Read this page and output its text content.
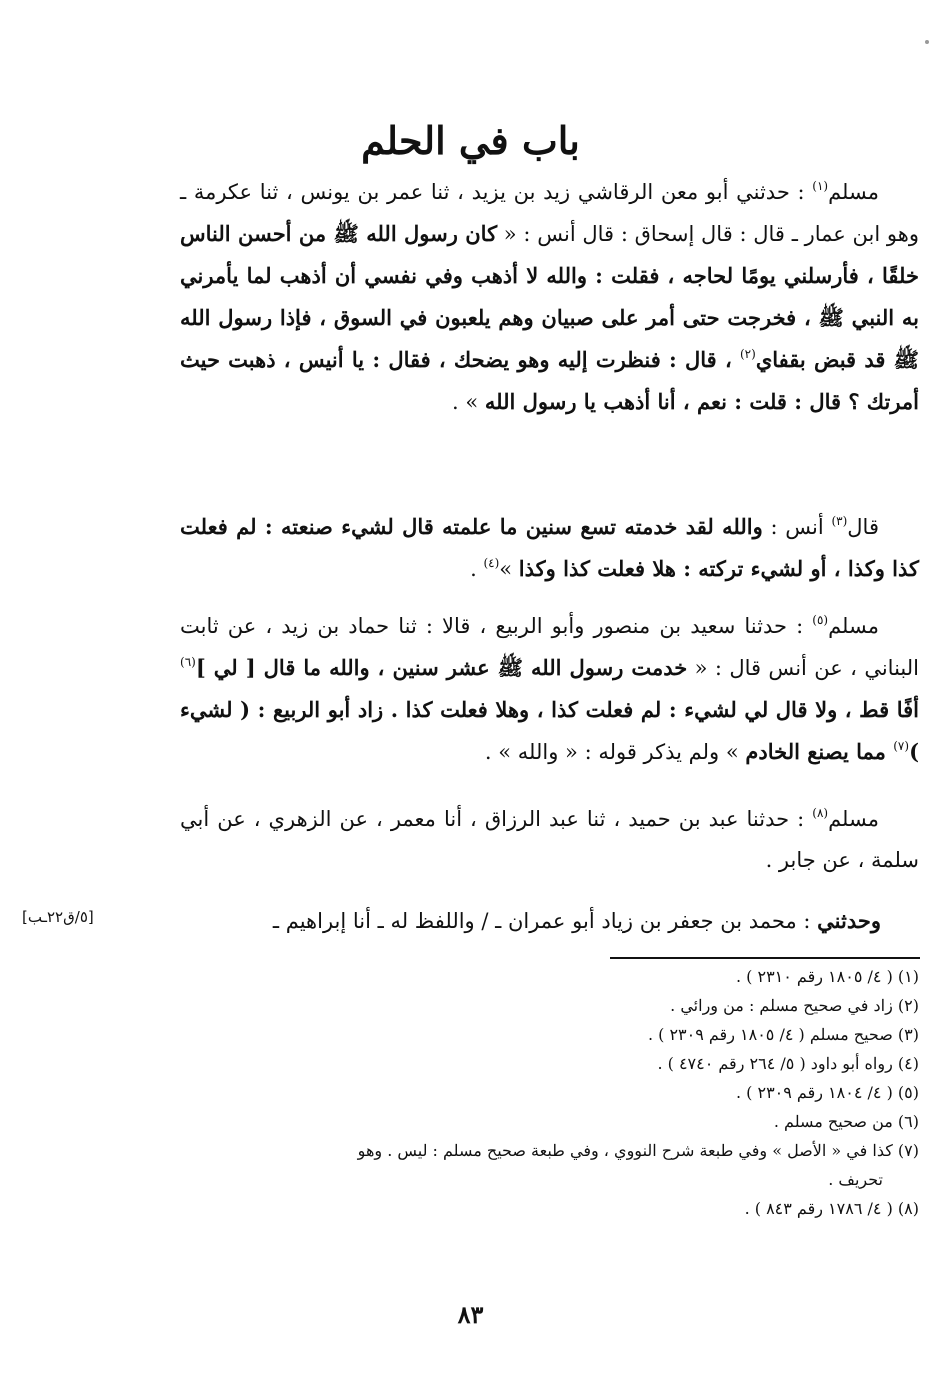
باب في الحلم
مسلم$^{(١)}$ : حدثني أبو معن الرقاشي زيد بن يزيد ، ثنا عمر بن يونس ، ثنا عكرمة ـ وهو ابن عمار ـ قال : قال إسحاق : قال أنس : « كان رسول الله ﷺ من أحسن الناس خلقًا ، فأرسلني يومًا لحاجه ، فقلت : والله لا أذهب وفي نفسي أن أذهب لما يأمرني به النبي ﷺ ، فخرجت حتى أمر على صبيان وهم يلعبون في السوق ، فإذا رسول الله ﷺ قد قبض بقفاي$^{(٢)}$ ، قال : فنظرت إليه وهو يضحك ، فقال : يا أنيس ، ذهبت حيث أمرتك ؟ قال : قلت : نعم ، أنا أذهب يا رسول الله » .
قال$^{(٣)}$ أنس : والله لقد خدمته تسع سنين ما علمته قال لشيء صنعته : لم فعلت كذا وكذا ، أو لشيء تركته : هلا فعلت كذا وكذا »$^{(٤)}$ .
مسلم$^{(٥)}$ : حدثنا سعيد بن منصور وأبو الربيع ، قالا : ثنا حماد بن زيد ، عن ثابت البناني ، عن أنس قال : « خدمت رسول الله ﷺ عشر سنين ، والله ما قال [ لي ]$^{(٦)}$ أفًا قط ، ولا قال لي لشيء : لم فعلت كذا ، وهلا فعلت كذا . زاد أبو الربيع : ( لشيء )$^{(٧)}$ مما يصنع الخادم » ولم يذكر قوله : « والله » .
مسلم$^{(٨)}$ : حدثنا عبد بن حميد ، ثنا عبد الرزاق ، أنا معمر ، عن الزهري ، عن أبي سلمة ، عن جابر .
وحدثني : محمد بن جعفر بن زياد أبو عمران ـ / واللفظ له ـ أنا إبراهيم ـ
[٥/ق٢٢ـب]
(١) ( ٤/ ١٨٠٥ رقم ٢٣١٠ ) .
(٢) زاد في صحيح مسلم : من ورائي .
(٣) صحيح مسلم ( ٤/ ١٨٠٥ رقم ٢٣٠٩ ) .
(٤) رواه أبو داود ( ٥/ ٢٦٤ رقم ٤٧٤٠ ) .
(٥) ( ٤/ ١٨٠٤ رقم ٢٣٠٩ ) .
(٦) من صحيح مسلم .
(٧) كذا في « الأصل » وفي طبعة شرح النووي ، وفي طبعة صحيح مسلم : ليس . وهو
تحريف .
(٨) ( ٤/ ١٧٨٦ رقم ٨٤٣ ) .
٨٣
